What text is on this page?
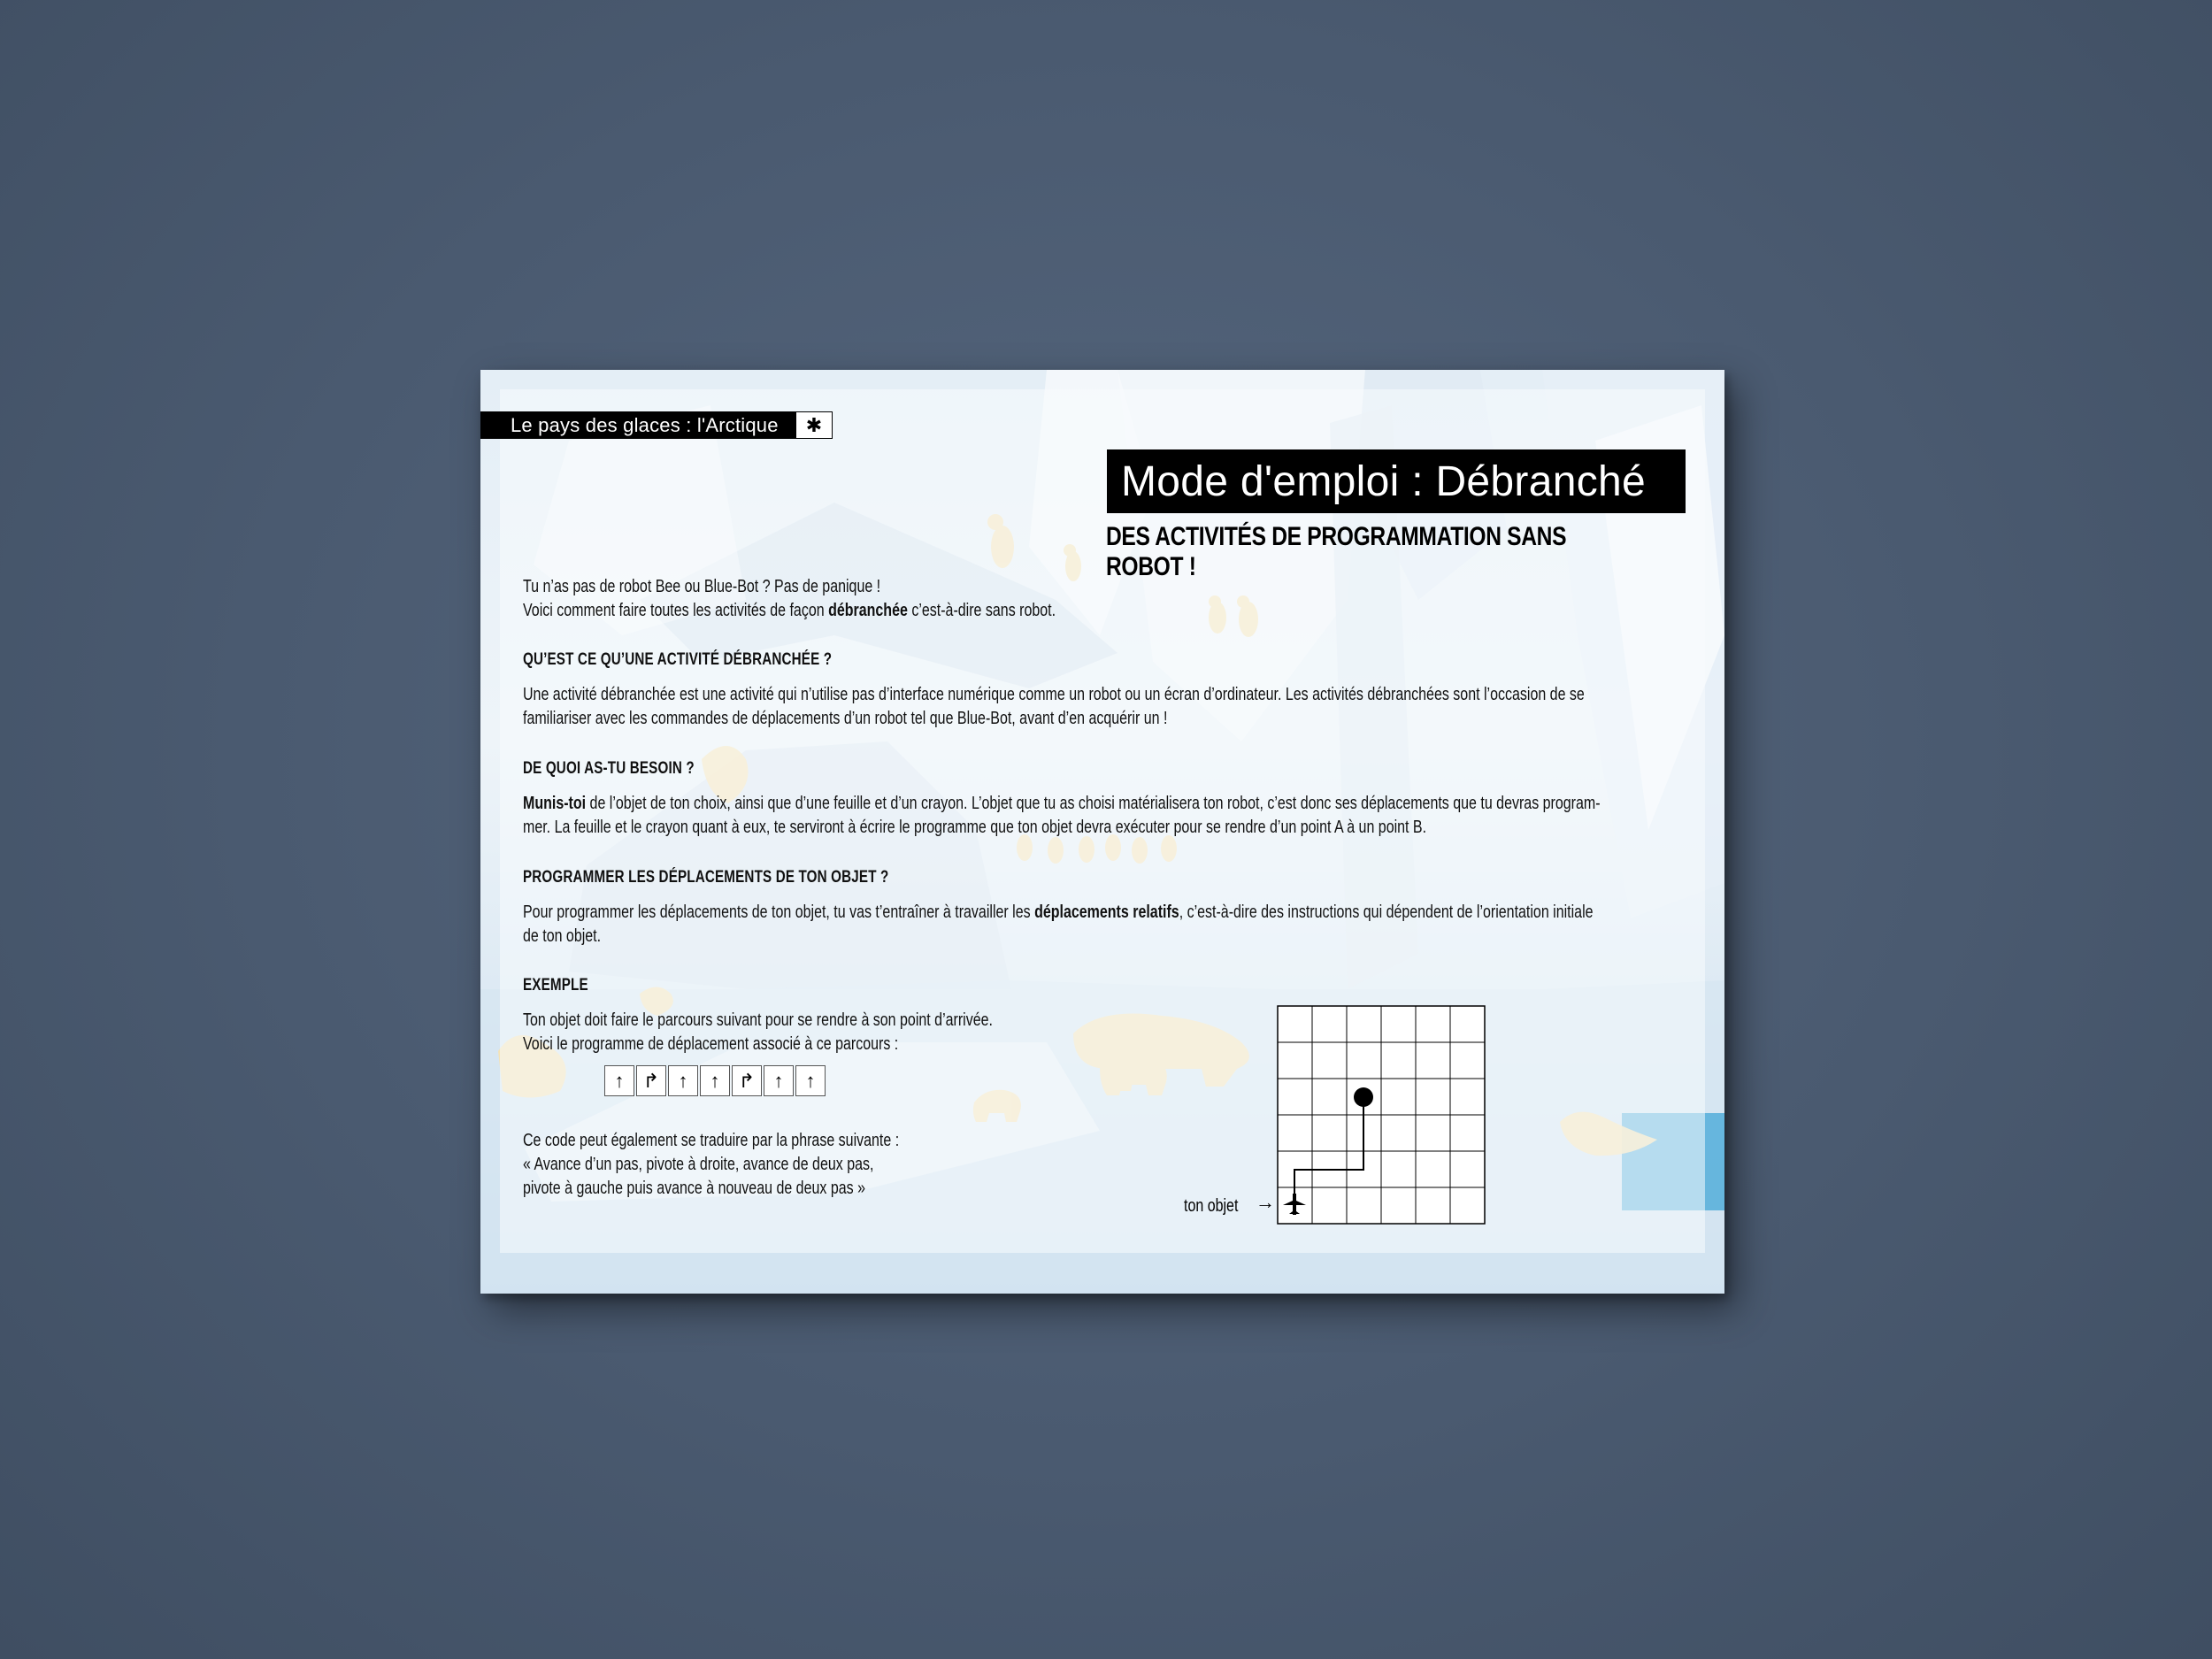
Le pays des glaces : l'Arctique	✱
Mode d'emploi : Débranché
DES ACTIVITÉS DE PROGRAMMATION SANS ROBOT !
Tu n’as pas de robot Bee ou Blue-Bot ? Pas de panique !
Voici comment faire toutes les activités de façon débranchée c’est-à-dire sans robot.
QU’EST CE QU’UNE ACTIVITÉ DÉBRANCHÉE ?
Une activité débranchée est une activité qui n’utilise pas d’interface numérique comme un robot ou un écran d’ordinateur. Les activités débranchées sont l’occasion de se
familiariser avec les commandes de déplacements d’un robot tel que Blue-Bot, avant d’en acquérir un !
DE QUOI AS-TU BESOIN ?
Munis-toi de l’objet de ton choix, ainsi que d’une feuille et d’un crayon. L’objet que tu as choisi matérialisera ton robot, c’est donc ses déplacements que tu devras program-
mer. La feuille et le crayon quant à eux, te serviront à écrire le programme que ton objet devra exécuter pour se rendre d’un point A à un point B.
PROGRAMMER LES DÉPLACEMENTS DE TON OBJET ?
Pour programmer les déplacements de ton objet, tu vas t’entraîner à travailler les déplacements relatifs, c’est-à-dire des instructions qui dépendent de l’orientation initiale
de ton objet.
EXEMPLE
Ton objet doit faire le parcours suivant pour se rendre à son point d’arrivée.
Voici le programme de déplacement associé à ce parcours :
↑ ↱ ↑	↑ ↱ ↑	↑
Ce code peut également se traduire par la phrase suivante :
« Avance d’un pas, pivote à droite, avance de deux pas,
pivote à gauche puis avance à nouveau de deux pas »
ton objet →
